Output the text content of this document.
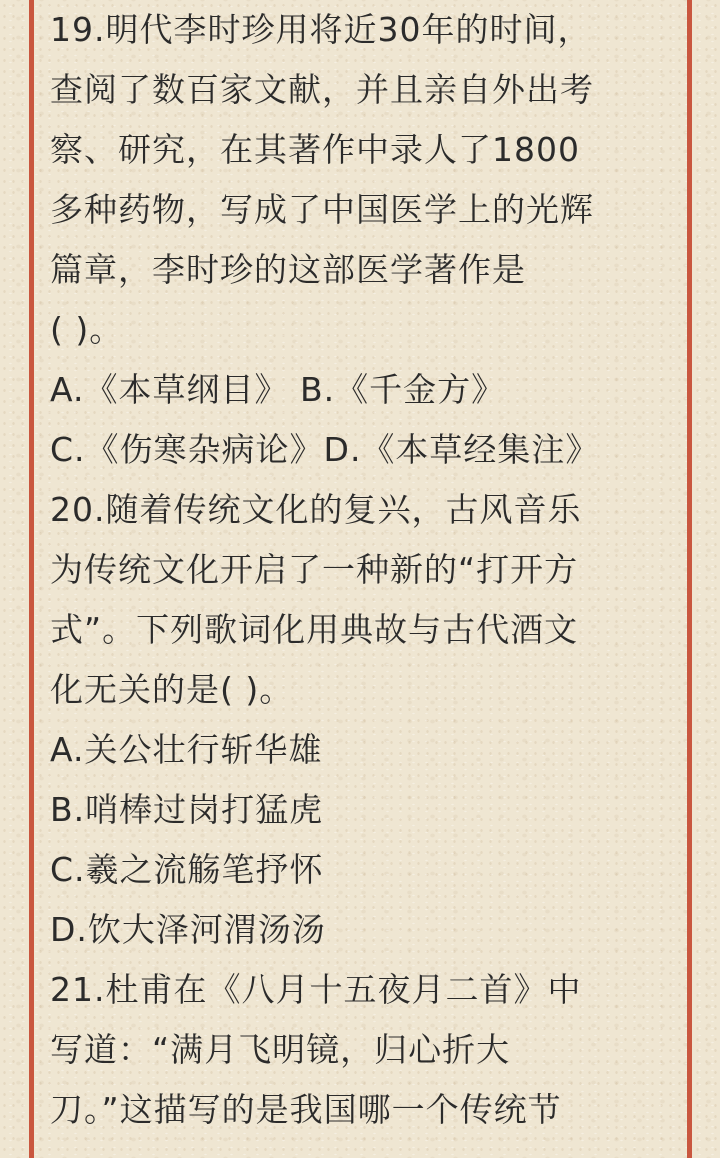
19.明代李时珍用将近30年的时间，
查阅了数百家文献，并且亲自外出考
察、研究，在其著作中录人了1800
多种药物，写成了中国医学上的光辉
篇章，李时珍的这部医学著作是
( )。
A.《本草纲目》 B.《千金方》
C.《伤寒杂病论》D.《本草经集注》
20.随着传统文化的复兴，古风音乐
为传统文化开启了一种新的“打开方
式”。下列歌词化用典故与古代酒文
化无关的是( )。
A.关公壮行斩华雄
B.哨棒过岗打猛虎
C.羲之流觞笔抒怀
D.饮大泽河渭汤汤
21.杜甫在《八月十五夜月二首》中
写道：“满月飞明镜，归心折大
刀。”这描写的是我国哪一个传统节
